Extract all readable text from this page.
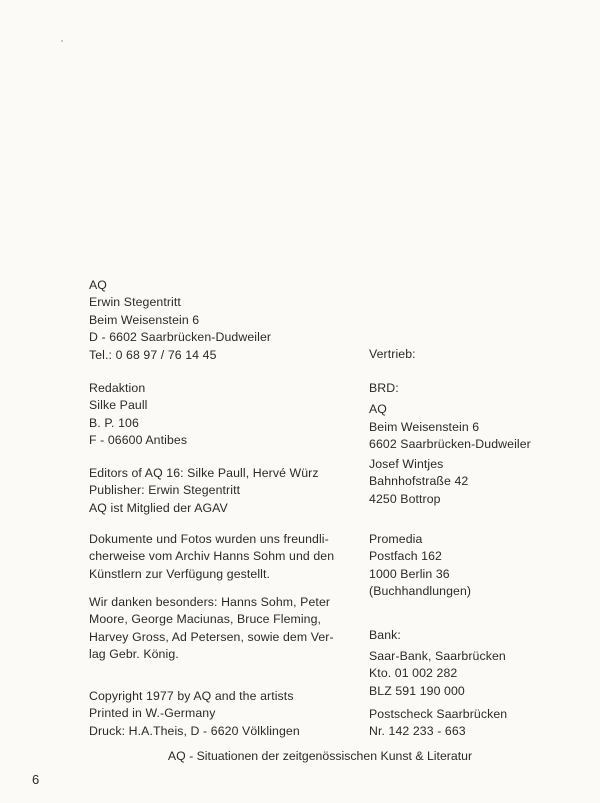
AQ
Erwin Stegentritt
Beim Weisenstein 6
D - 6602 Saarbrücken-Dudweiler
Tel.: 0 68 97 / 76 14 45
Redaktion
Silke Paull
B. P. 106
F - 06600 Antibes
Editors of AQ 16: Silke Paull, Hervé Würz
Publisher: Erwin Stegentritt
AQ ist Mitglied der AGAV
Dokumente und Fotos wurden uns freundli-
cherweise vom Archiv Hanns Sohm und den
Künstlern zur Verfügung gestellt.
Wir danken besonders: Hanns Sohm, Peter
Moore, George Maciunas, Bruce Fleming,
Harvey Gross, Ad Petersen, sowie dem Ver-
lag Gebr. König.
Copyright 1977 by AQ and the artists
Printed in W.-Germany
Druck: H.A.Theis, D - 6620 Völklingen
Vertrieb:
BRD:
AQ
Beim Weisenstein 6
6602 Saarbrücken-Dudweiler
Josef Wintjes
Bahnhofstraße 42
4250 Bottrop
Promedia
Postfach 162
1000 Berlin 36
(Buchhandlungen)
Bank:
Saar-Bank, Saarbrücken
Kto. 01 002 282
BLZ 591 190 000
Postscheck Saarbrücken
Nr. 142 233 - 663
AQ - Situationen der zeitgenössischen Kunst & Literatur
6
